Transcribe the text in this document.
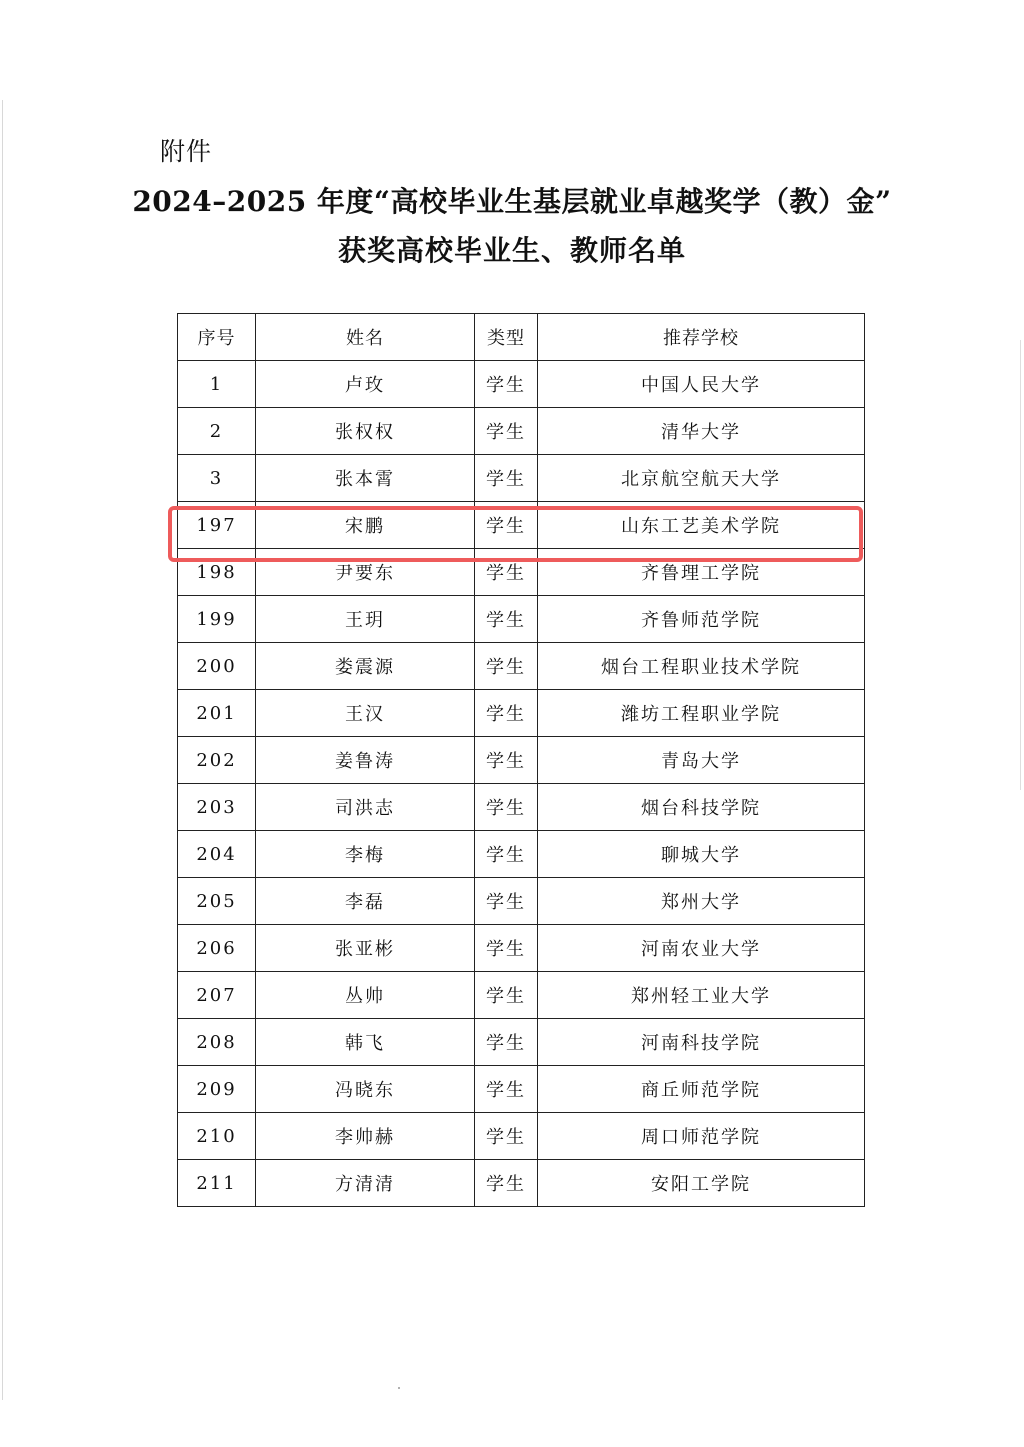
附件
2024–2025 年度“高校毕业生基层就业卓越奖学（教）金”
获奖高校毕业生、教师名单
序号	姓名	类型	推荐学校
1	卢玫	学生	中国人民大学
2	张权权	学生	清华大学
3	张本霄	学生	北京航空航天大学
197	宋鹏	学生	山东工艺美术学院
198	尹要东	学生	齐鲁理工学院
199	王玥	学生	齐鲁师范学院
200	娄震源	学生	烟台工程职业技术学院
201	王汉	学生	潍坊工程职业学院
202	姜鲁涛	学生	青岛大学
203	司洪志	学生	烟台科技学院
204	李梅	学生	聊城大学
205	李磊	学生	郑州大学
206	张亚彬	学生	河南农业大学
207	丛帅	学生	郑州轻工业大学
208	韩飞	学生	河南科技学院
209	冯晓东	学生	商丘师范学院
210	李帅赫	学生	周口师范学院
211	方清清	学生	安阳工学院
